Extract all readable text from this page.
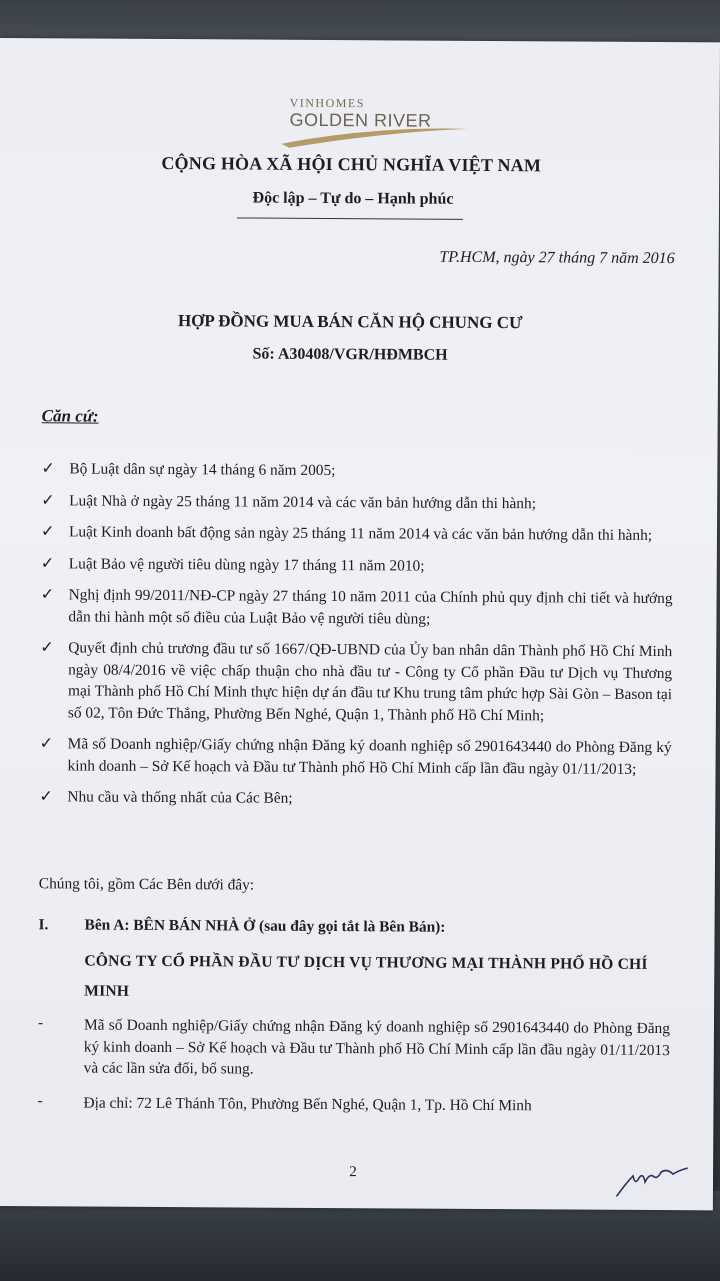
VINHOMES
GOLDEN RIVER
CỘNG HÒA XÃ HỘI CHỦ NGHĨA VIỆT NAM
Độc lập – Tự do – Hạnh phúc
TP.HCM, ngày 27 tháng 7 năm 2016
HỢP ĐỒNG MUA BÁN CĂN HỘ CHUNG CƯ
Số: A30408/VGR/HĐMBCH
Căn cứ:
✓ Bộ Luật dân sự ngày 14 tháng 6 năm 2005;
✓ Luật Nhà ở ngày 25 tháng 11 năm 2014 và các văn bản hướng dẫn thi hành;
✓ Luật Kinh doanh bất động sản ngày 25 tháng 11 năm 2014 và các văn bản hướng dẫn thi hành;
✓ Luật Bảo vệ người tiêu dùng ngày 17 tháng 11 năm 2010;
✓ Nghị định 99/2011/NĐ-CP ngày 27 tháng 10 năm 2011 của Chính phủ quy định chi tiết và hướng dẫn thi hành một số điều của Luật Bảo vệ người tiêu dùng;
✓ Quyết định chủ trương đầu tư số 1667/QĐ-UBND của Ủy ban nhân dân Thành phố Hồ Chí Minh ngày 08/4/2016 về việc chấp thuận cho nhà đầu tư - Công ty Cổ phần Đầu tư Dịch vụ Thương mại Thành phố Hồ Chí Minh thực hiện dự án đầu tư Khu trung tâm phức hợp Sài Gòn – Bason tại số 02, Tôn Đức Thắng, Phường Bến Nghé, Quận 1, Thành phố Hồ Chí Minh;
✓ Mã số Doanh nghiệp/Giấy chứng nhận Đăng ký doanh nghiệp số 2901643440 do Phòng Đăng ký kinh doanh – Sở Kế hoạch và Đầu tư Thành phố Hồ Chí Minh cấp lần đầu ngày 01/11/2013;
✓ Nhu cầu và thống nhất của Các Bên;
Chúng tôi, gồm Các Bên dưới đây:
I. Bên A: BÊN BÁN NHÀ Ở (sau đây gọi tắt là Bên Bán):
CÔNG TY CỔ PHẦN ĐẦU TƯ DỊCH VỤ THƯƠNG MẠI THÀNH PHỐ HỒ CHÍ MINH
-	Mã số Doanh nghiệp/Giấy chứng nhận Đăng ký doanh nghiệp số 2901643440 do Phòng Đăng ký kinh doanh – Sở Kế hoạch và Đầu tư Thành phố Hồ Chí Minh cấp lần đầu ngày 01/11/2013 và các lần sửa đổi, bổ sung.
-	Địa chỉ: 72 Lê Thánh Tôn, Phường Bến Nghé, Quận 1, Tp. Hồ Chí Minh
2
